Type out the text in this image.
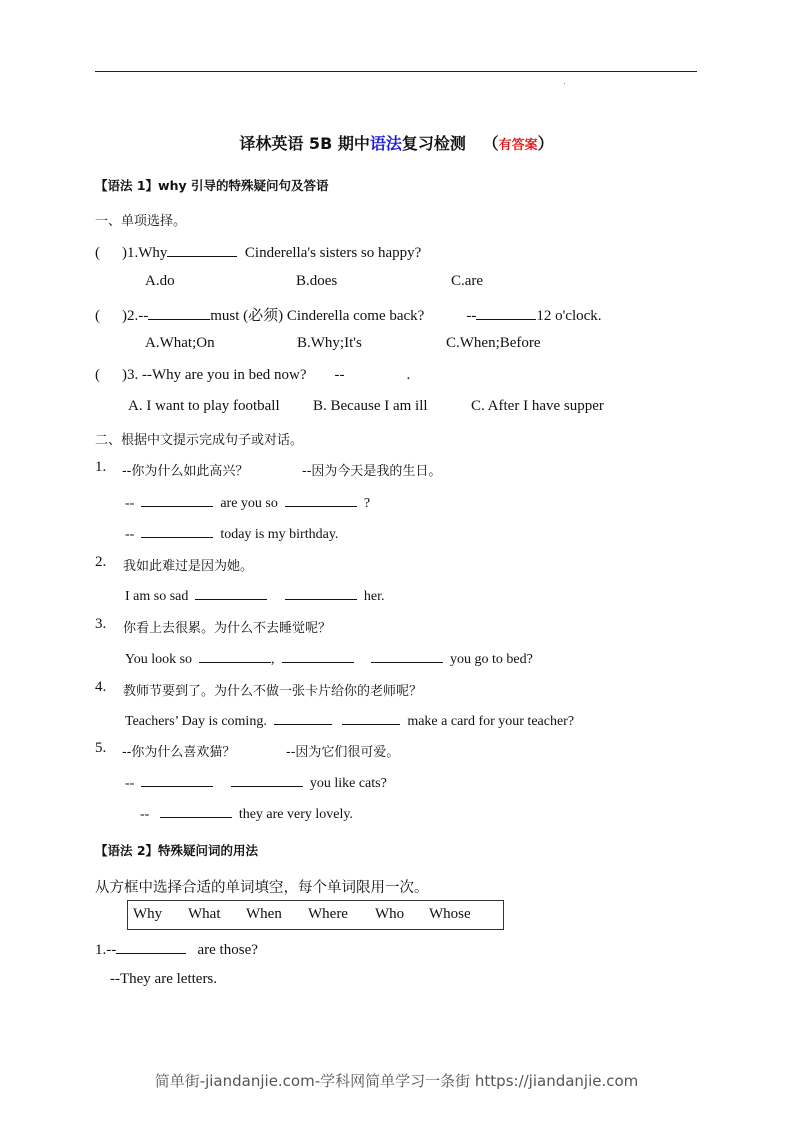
译林英语 5B 期中语法复习检测 （有答案）
【语法 1】why 引导的特殊疑问句及答语
一、单项选择。
( )1.Why	Cinderella's sisters so happy?
A.do	B.does	C.are
( )2.--	must (必须) Cinderella come back?	--	12 o'clock.
A.What;On	B.Why;It's	C.When;Before
( )3. --Why are you in bed now? --	.
A. I want to play football B. Because I am ill	C. After I have supper
二、根据中文提示完成句子或对话。
1. --你为什么如此高兴？	--因为今天是我的生日。
--	are you so	?
--	today is my birthday.
2. 我如此难过是因为她。
I am so sad	her.
3. 你看上去很累。为什么不去睡觉呢？
You look so	,	you go to bed?
4. 教师节要到了。为什么不做一张卡片给你的老师呢？
Teachers’ Day is coming.	make a card for your teacher?
5. --你为什么喜欢猫？	--因为它们很可爱。
--	you like cats?
--	they are very lovely.
【语法 2】特殊疑问词的用法
从方框中选择合适的单词填空，每个单词限用一次。
Why What When Where Who Whose
1.--	are those?
--They are letters.
简单街-jiandanjie.com-学科网简单学习一条街 https://jiandanjie.com
